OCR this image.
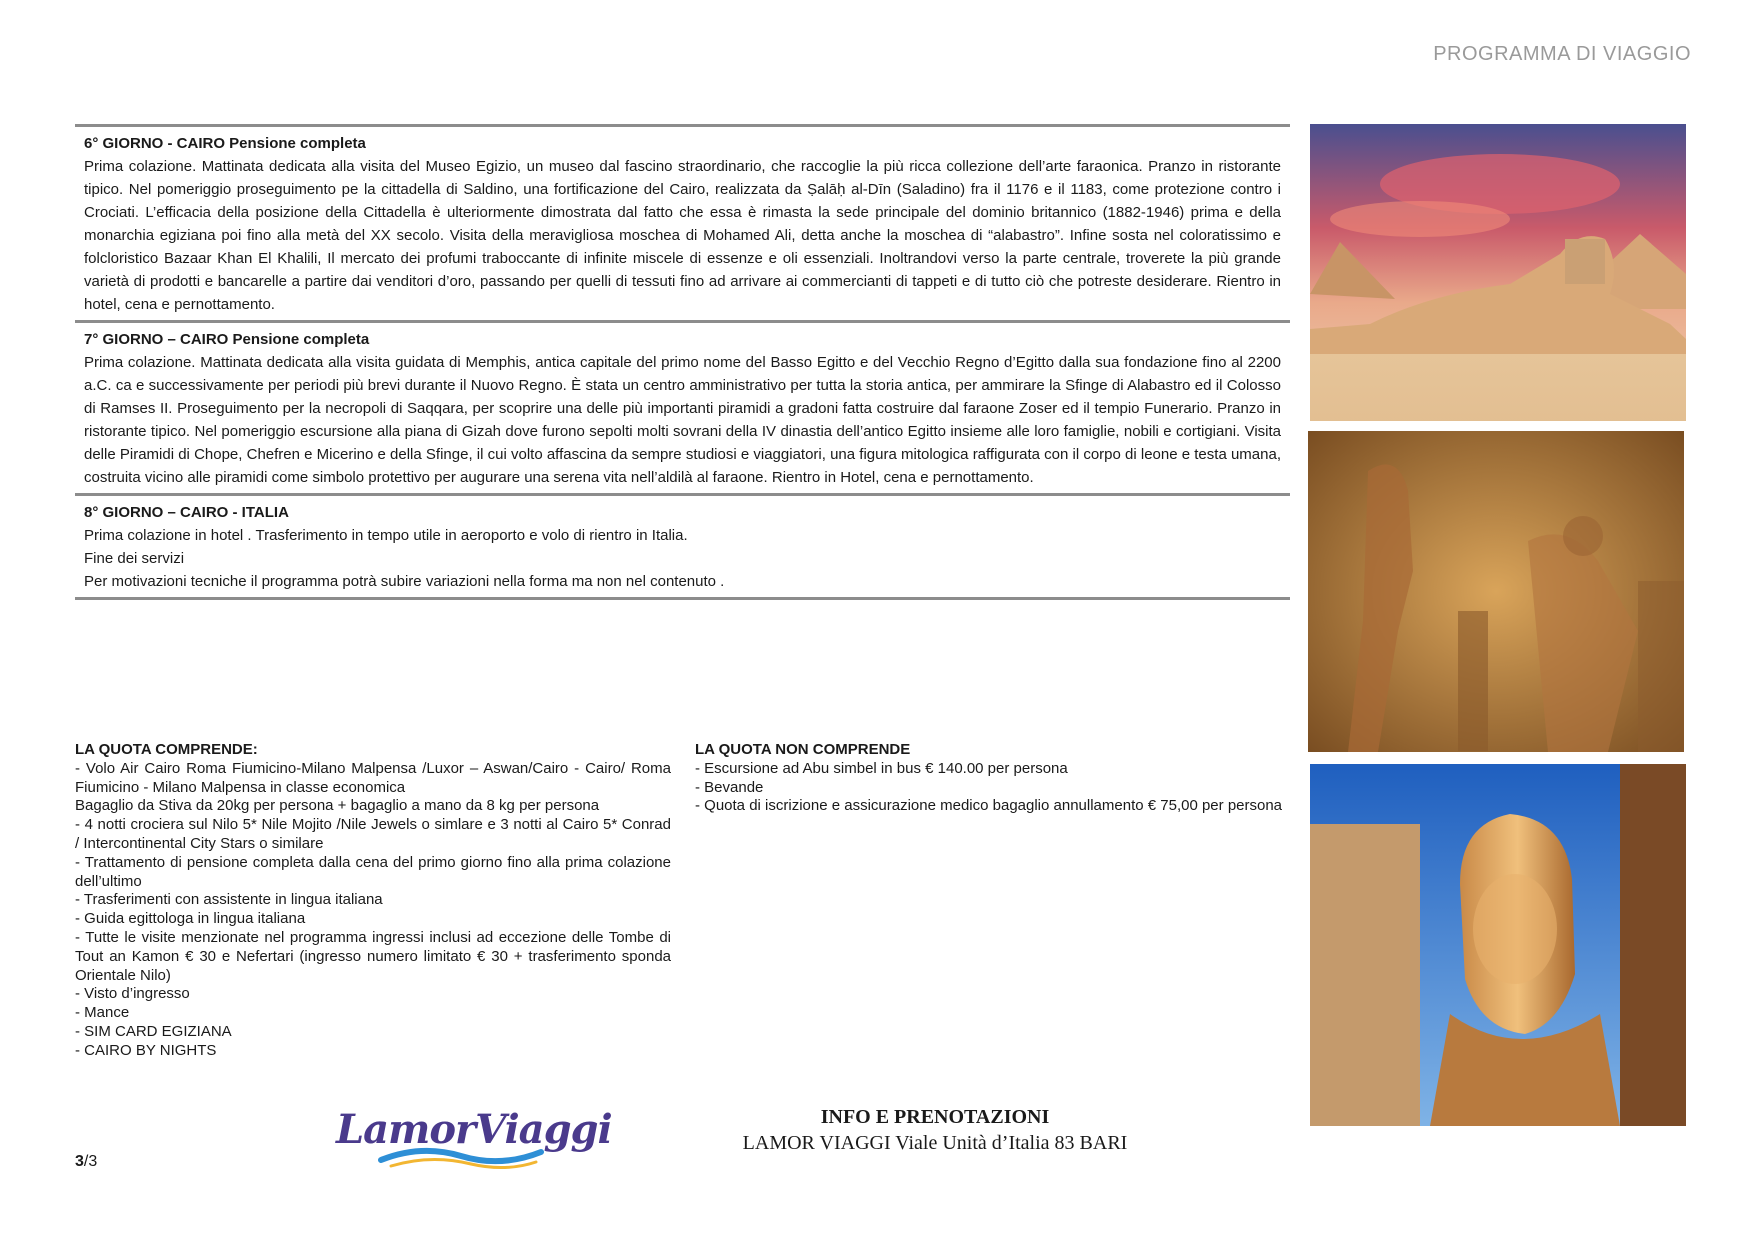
PROGRAMMA DI VIAGGIO
6° GIORNO - CAIRO Pensione completa

Prima colazione. Mattinata dedicata alla visita del Museo Egizio, un museo dal fascino straordinario, che raccoglie la più ricca collezione dell’arte faraonica. Pranzo in ristorante tipico. Nel pomeriggio proseguimento pe la cittadella di Saldino, una fortificazione del Cairo, realizzata da Ṣalāḥ al-Dīn (Saladino) fra il 1176 e il 1183, come protezione contro i Crociati. L’efficacia della posizione della Cittadella è ulteriormente dimostrata dal fatto che essa è rimasta la sede principale del dominio britannico (1882-1946) prima e della monarchia egiziana poi fino alla metà del XX secolo. Visita della meravigliosa moschea di Mohamed Ali, detta anche la moschea di “alabastro”. Infine sosta nel coloratissimo e folcloristico Bazaar Khan El Khalili, Il mercato dei profumi traboccante di infinite miscele di essenze e oli essenziali. Inoltrandovi verso la parte centrale, troverete la più grande varietà di prodotti e bancarelle a partire dai venditori d’oro, passando per quelli di tessuti fino ad arrivare ai commercianti di tappeti e di tutto ciò che potreste desiderare. Rientro in hotel, cena e pernottamento.

7° GIORNO – CAIRO Pensione completa

Prima colazione. Mattinata dedicata alla visita guidata di Memphis, antica capitale del primo nome del Basso Egitto e del Vecchio Regno d’Egitto dalla sua fondazione fino al 2200 a.C. ca e successivamente per periodi più brevi durante il Nuovo Regno. È stata un centro amministrativo per tutta la storia antica, per ammirare la Sfinge di Alabastro ed il Colosso di Ramses II. Proseguimento per la necropoli di Saqqara, per scoprire una delle più importanti piramidi a gradoni fatta costruire dal faraone Zoser ed il tempio Funerario. Pranzo in ristorante tipico. Nel pomeriggio escursione alla piana di Gizah dove furono sepolti molti sovrani della IV dinastia dell’antico Egitto insieme alle loro famiglie, nobili e cortigiani. Visita delle Piramidi di Chope, Chefren e Micerino e della Sfinge, il cui volto affascina da sempre studiosi e viaggiatori, una figura mitologica raffigurata con il corpo di leone e testa umana, costruita vicino alle piramidi come simbolo protettivo per augurare una serena vita nell’aldilà al faraone. Rientro in Hotel, cena e pernottamento.

8° GIORNO – CAIRO - ITALIA

Prima colazione in hotel . Trasferimento in tempo utile in aeroporto e volo di rientro in Italia.

Fine dei servizi

Per motivazioni tecniche il programma potrà subire variazioni nella forma ma non nel contenuto .

LA QUOTA COMPRENDE:
- Volo Air Cairo Roma Fiumicino-Milano Malpensa /Luxor – Aswan/Cairo - Cairo/ Roma Fiumicino - Milano Malpensa in classe economica
Bagaglio da Stiva da 20kg per persona + bagaglio a mano da 8 kg per persona
- 4 notti crociera sul Nilo 5* Nile Mojito /Nile Jewels o simlare e 3 notti al Cairo 5* Conrad / Intercontinental City Stars o similare
- Trattamento di pensione completa dalla cena del primo giorno fino alla prima colazione dell’ultimo
- Trasferimenti con assistente in lingua italiana
- Guida egittologa in lingua italiana
- Tutte le visite menzionate nel programma ingressi inclusi ad eccezione delle Tombe di Tout an Kamon € 30 e Nefertari (ingresso numero limitato € 30 + trasferimento sponda Orientale Nilo)
- Visto d’ingresso
- Mance
- SIM CARD EGIZIANA
- CAIRO BY NIGHTS
LA QUOTA NON COMPRENDE
- Escursione ad Abu simbel in bus € 140.00 per persona
- Bevande
- Quota di iscrizione e assicurazione medico bagaglio annullamento € 75,00 per persona
LamorViaggi	INFO E PRENOTAZIONI
LAMOR VIAGGI Viale Unità d’Italia 83 BARI
3/3
